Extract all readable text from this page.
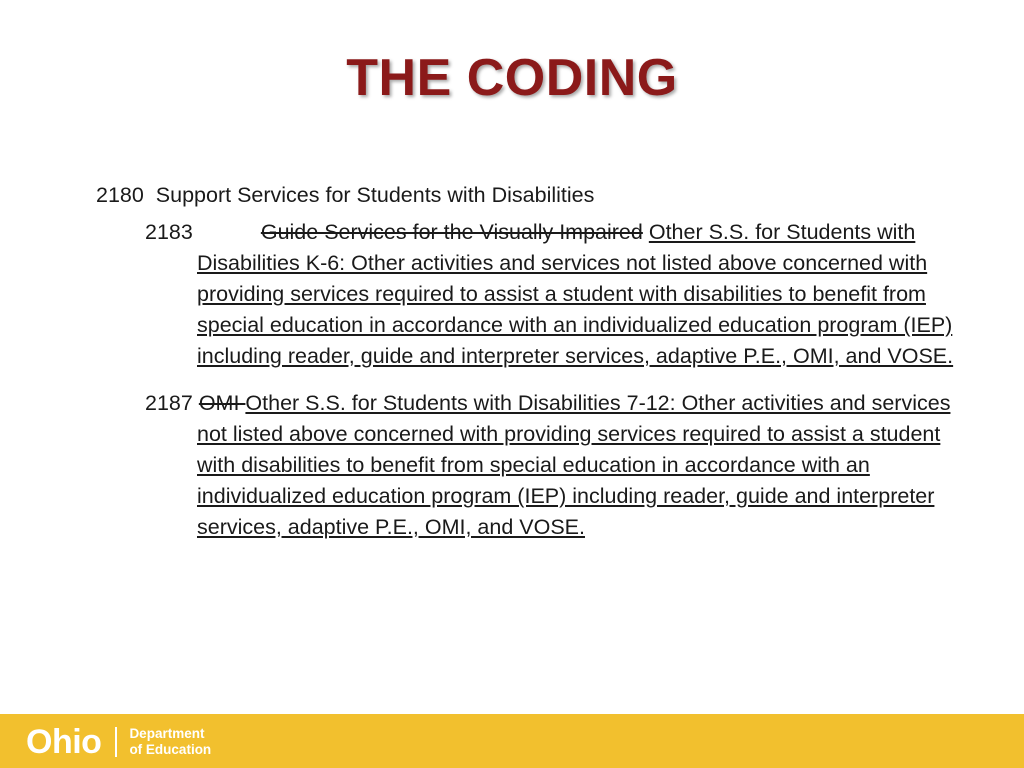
THE CODING

2180 Support Services for Students with Disabilities

2183	Guide Services for the Visually Impaired Other S.S. for Students with Disabilities K-6: Other activities and services not listed above concerned with providing services required to assist a student with disabilities to benefit from special education in accordance with an individualized education program (IEP) including reader, guide and interpreter services, adaptive P.E., OMI, and VOSE.

2187 OMI Other S.S. for Students with Disabilities 7-12: Other activities and services not listed above concerned with providing services required to assist a student with disabilities to benefit from special education in accordance with an individualized education program (IEP) including reader, guide and interpreter services, adaptive P.E., OMI, and VOSE.

Ohio Department
of Education
